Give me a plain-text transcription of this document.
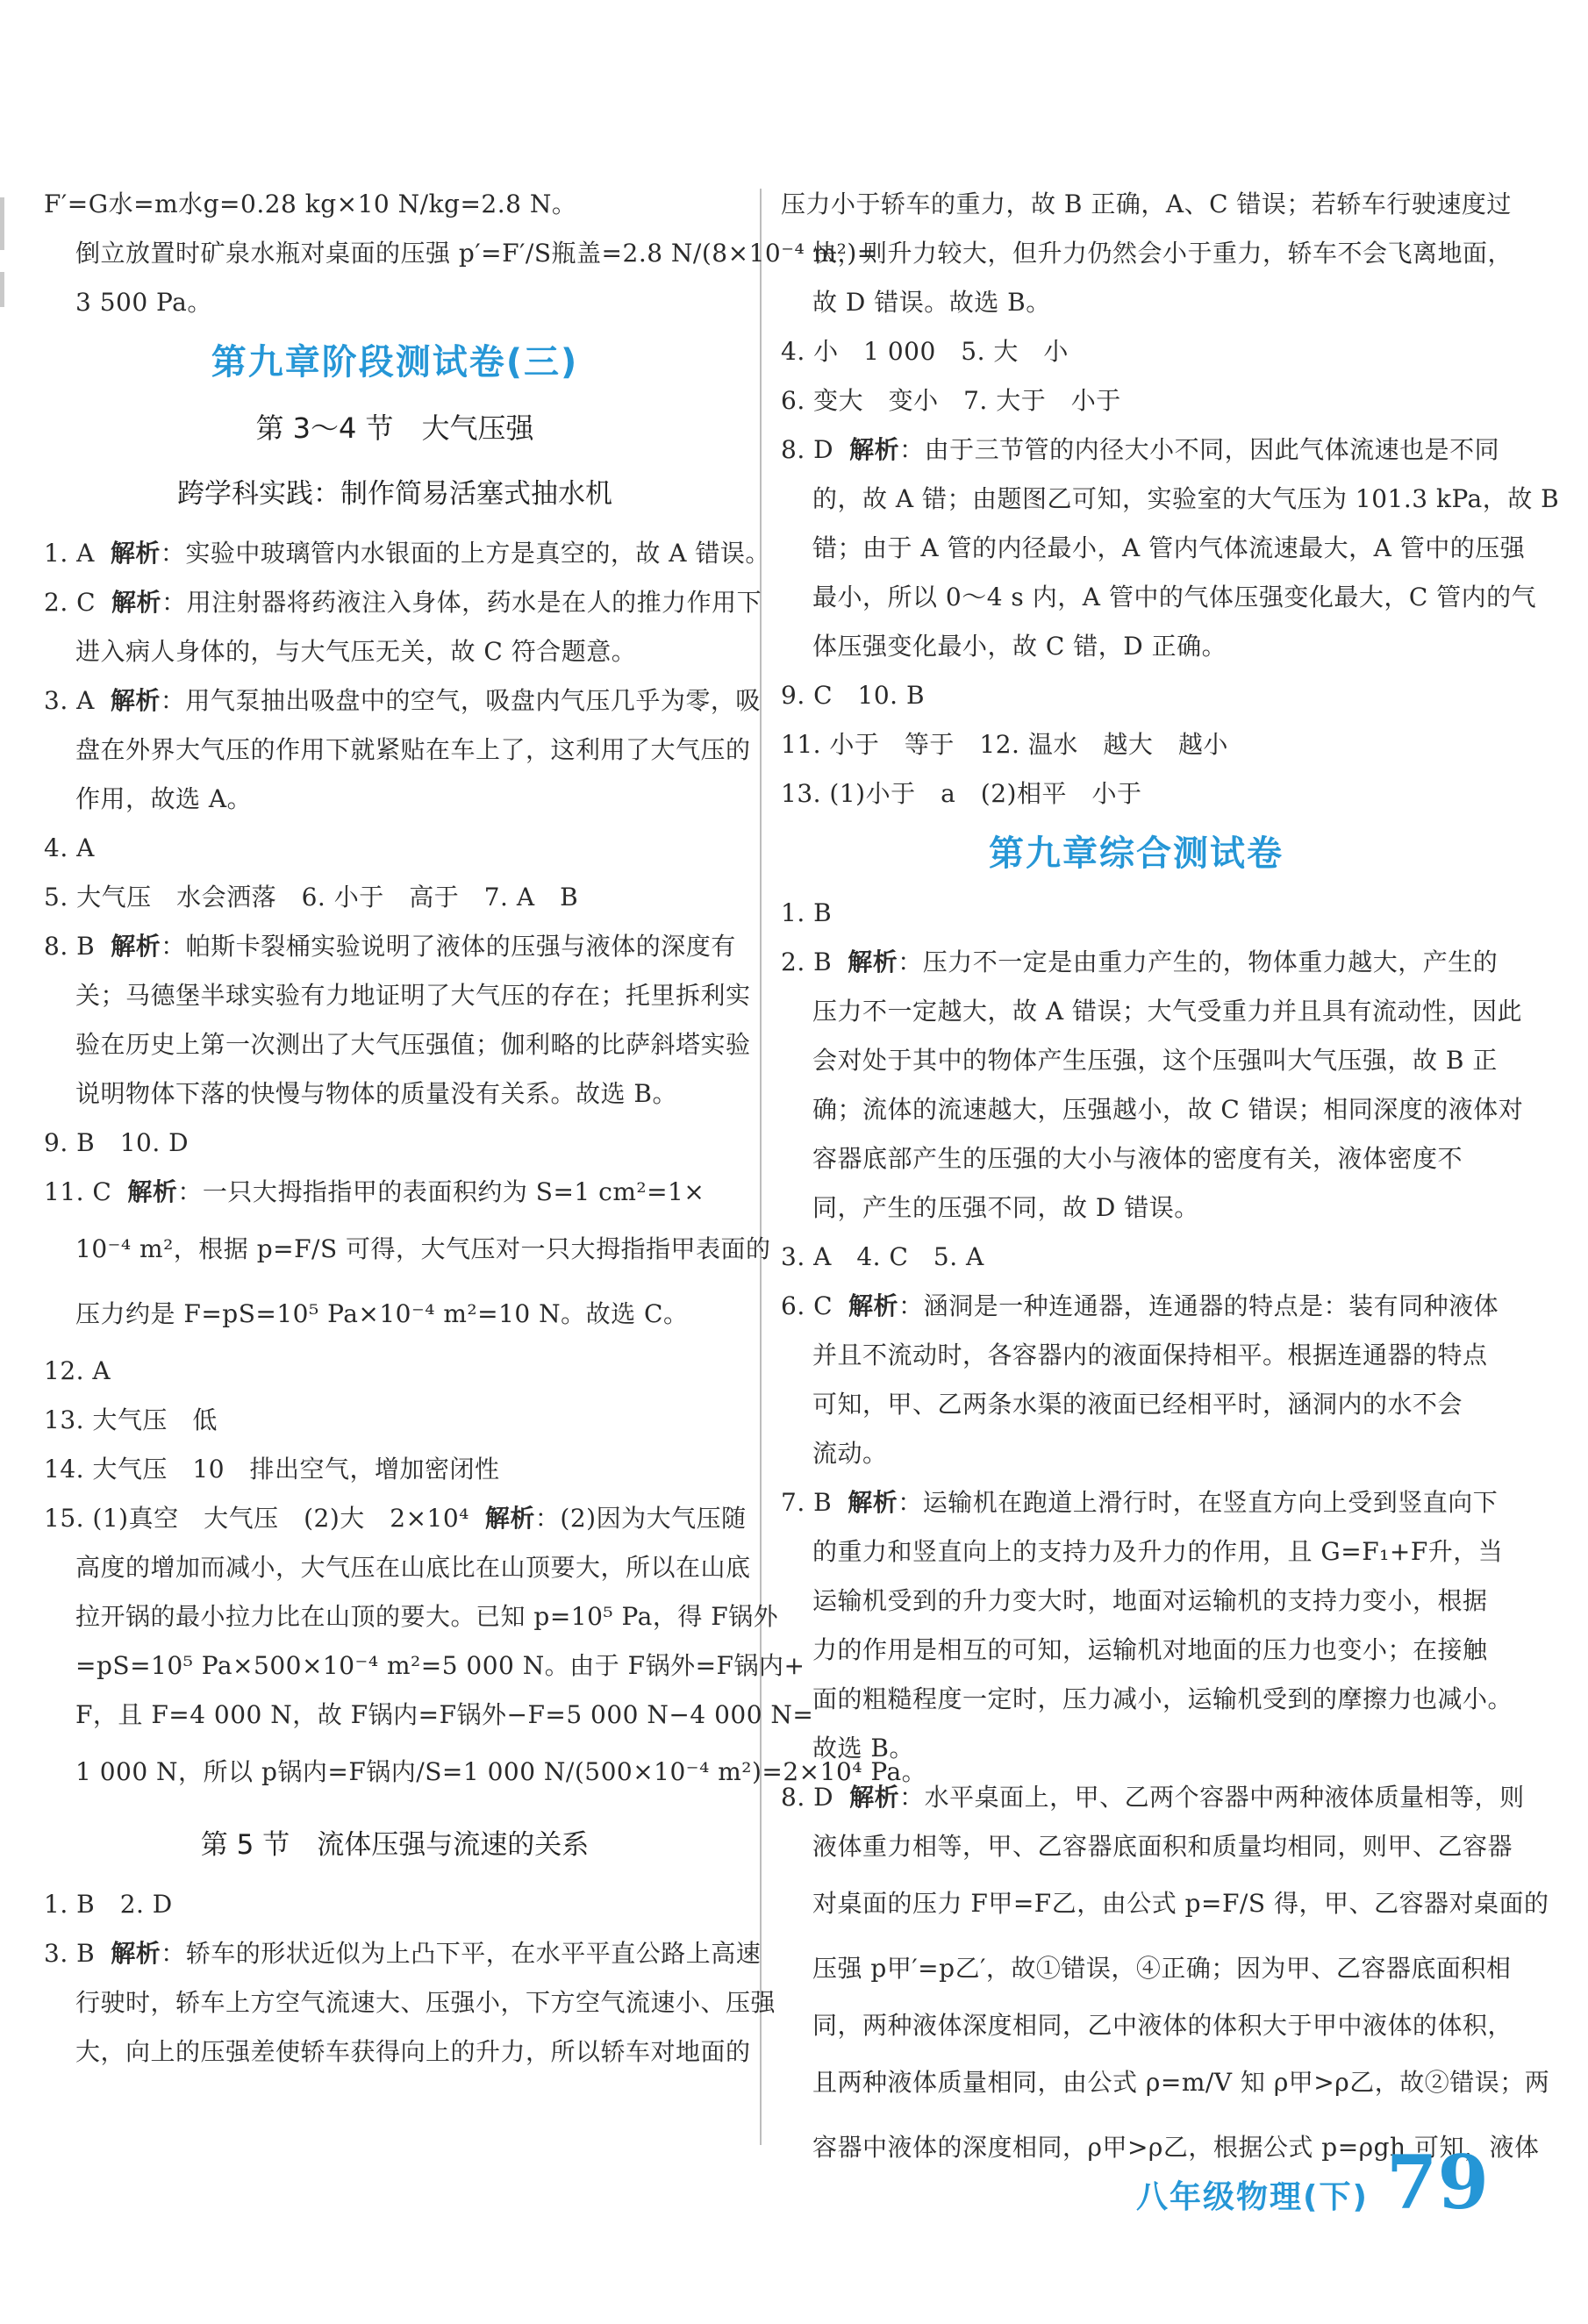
F′=G水=m水g=0.28 kg×10 N/kg=2.8 N。
倒立放置时矿泉水瓶对桌面的压强 p′=F′/S瓶盖=2.8 N/(8×10⁻⁴ m²)=
3 500 Pa。
第九章阶段测试卷(三)
第 3～4 节　大气压强
跨学科实践：制作简易活塞式抽水机
1. A 解析：实验中玻璃管内水银面的上方是真空的，故 A 错误。
2. C 解析：用注射器将药液注入身体，药水是在人的推力作用下
进入病人身体的，与大气压无关，故 C 符合题意。
3. A 解析：用气泵抽出吸盘中的空气，吸盘内气压几乎为零，吸
盘在外界大气压的作用下就紧贴在车上了，这利用了大气压的
作用，故选 A。
4. A
5. 大气压　水会洒落　6. 小于　高于　7. A　B
8. B 解析：帕斯卡裂桶实验说明了液体的压强与液体的深度有
关；马德堡半球实验有力地证明了大气压的存在；托里拆利实
验在历史上第一次测出了大气压强值；伽利略的比萨斜塔实验
说明物体下落的快慢与物体的质量没有关系。故选 B。
9. B　10. D
11. C 解析：一只大拇指指甲的表面积约为 S=1 cm²=1×
10⁻⁴ m²，根据 p=F/S 可得，大气压对一只大拇指指甲表面的
压力约是 F=pS=10⁵ Pa×10⁻⁴ m²=10 N。故选 C。
12. A
13. 大气压　低
14. 大气压　10　排出空气，增加密闭性
15. (1)真空　大气压　(2)大　2×10⁴ 解析：(2)因为大气压随
高度的增加而减小，大气压在山底比在山顶要大，所以在山底
拉开锅的最小拉力比在山顶的要大。已知 p=10⁵ Pa，得 F锅外
=pS=10⁵ Pa×500×10⁻⁴ m²=5 000 N。由于 F锅外=F锅内+
F，且 F=4 000 N，故 F锅内=F锅外−F=5 000 N−4 000 N=
1 000 N，所以 p锅内=F锅内/S=1 000 N/(500×10⁻⁴ m²)=2×10⁴ Pa。
第 5 节　流体压强与流速的关系
1. B　2. D
3. B 解析：轿车的形状近似为上凸下平，在水平平直公路上高速
行驶时，轿车上方空气流速大、压强小，下方空气流速小、压强
大，向上的压强差使轿车获得向上的升力，所以轿车对地面的
压力小于轿车的重力，故 B 正确，A、C 错误；若轿车行驶速度过
快，则升力较大，但升力仍然会小于重力，轿车不会飞离地面，
故 D 错误。故选 B。
4. 小　1 000　5. 大　小
6. 变大　变小　7. 大于　小于
8. D 解析：由于三节管的内径大小不同，因此气体流速也是不同
的，故 A 错；由题图乙可知，实验室的大气压为 101.3 kPa，故 B
错；由于 A 管的内径最小，A 管内气体流速最大，A 管中的压强
最小，所以 0～4 s 内，A 管中的气体压强变化最大，C 管内的气
体压强变化最小，故 C 错，D 正确。
9. C　10. B
11. 小于　等于　12. 温水　越大　越小
13. (1)小于　a　(2)相平　小于
第九章综合测试卷
1. B
2. B 解析：压力不一定是由重力产生的，物体重力越大，产生的
压力不一定越大，故 A 错误；大气受重力并且具有流动性，因此
会对处于其中的物体产生压强，这个压强叫大气压强，故 B 正
确；流体的流速越大，压强越小，故 C 错误；相同深度的液体对
容器底部产生的压强的大小与液体的密度有关，液体密度不
同，产生的压强不同，故 D 错误。
3. A　4. C　5. A
6. C 解析：涵洞是一种连通器，连通器的特点是：装有同种液体
并且不流动时，各容器内的液面保持相平。根据连通器的特点
可知，甲、乙两条水渠的液面已经相平时，涵洞内的水不会
流动。
7. B 解析：运输机在跑道上滑行时，在竖直方向上受到竖直向下
的重力和竖直向上的支持力及升力的作用，且 G=F₁+F升，当
运输机受到的升力变大时，地面对运输机的支持力变小，根据
力的作用是相互的可知，运输机对地面的压力也变小；在接触
面的粗糙程度一定时，压力减小，运输机受到的摩擦力也减小。
故选 B。
8. D 解析：水平桌面上，甲、乙两个容器中两种液体质量相等，则
液体重力相等，甲、乙容器底面积和质量均相同，则甲、乙容器
对桌面的压力 F甲=F乙，由公式 p=F/S 得，甲、乙容器对桌面的
压强 p甲′=p乙′，故①错误，④正确；因为甲、乙容器底面积相
同，两种液体深度相同，乙中液体的体积大于甲中液体的体积，
且两种液体质量相同，由公式 ρ=m/V 知 ρ甲>ρ乙，故②错误；两
容器中液体的深度相同，ρ甲>ρ乙，根据公式 p=ρgh 可知，液体
八年级物理(下) 79
